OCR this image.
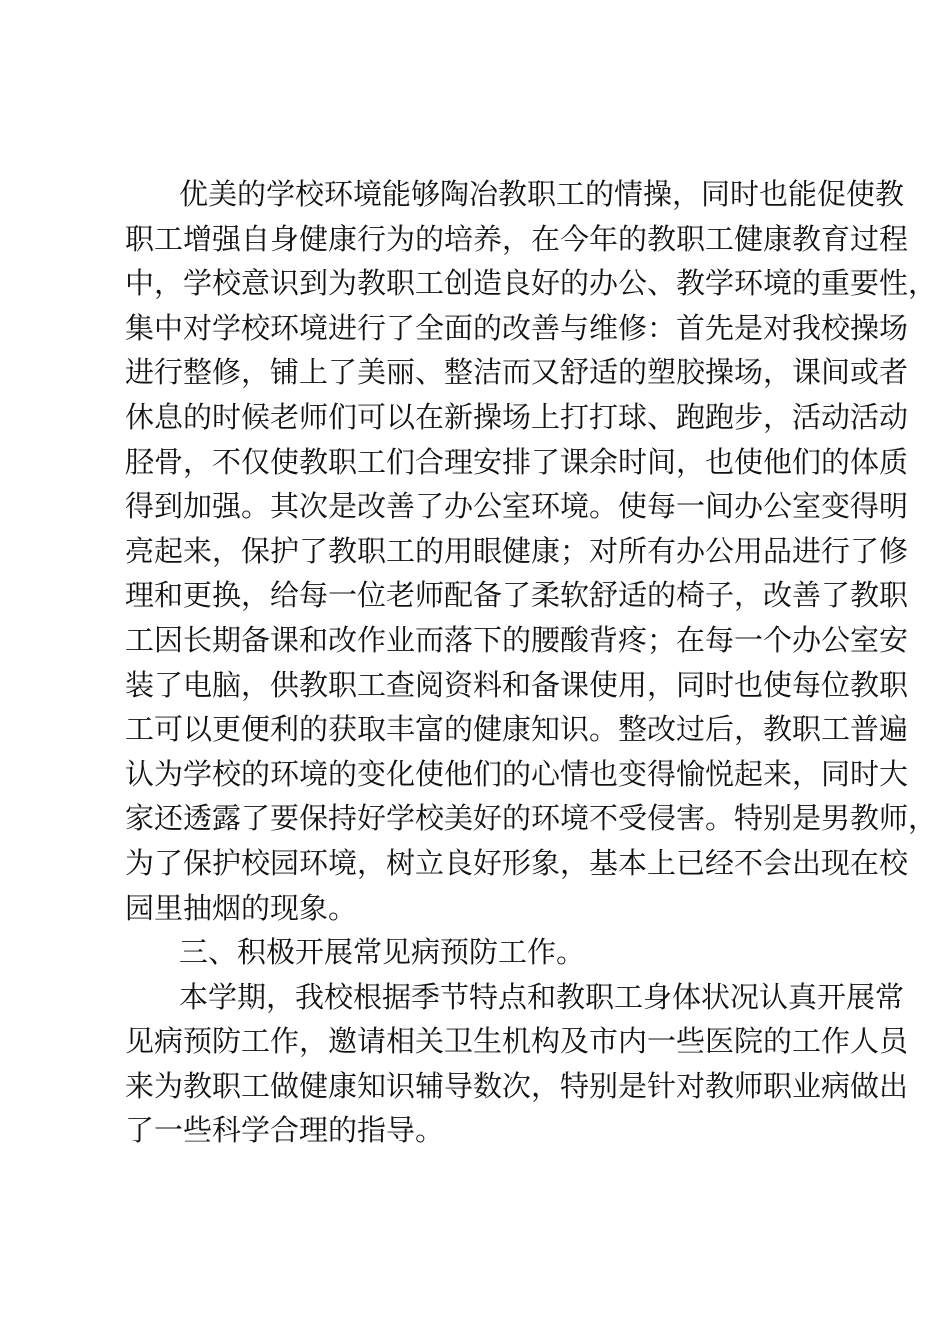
优美的学校环境能够陶冶教职工的情操，同时也能促使教
职工增强自身健康行为的培养，在今年的教职工健康教育过程
中，学校意识到为教职工创造良好的办公、教学环境的重要性，
集中对学校环境进行了全面的改善与维修：首先是对我校操场
进行整修，铺上了美丽、整洁而又舒适的塑胶操场，课间或者
休息的时候老师们可以在新操场上打打球、跑跑步，活动活动
胫骨，不仅使教职工们合理安排了课余时间，也使他们的体质
得到加强。其次是改善了办公室环境。使每一间办公室变得明
亮起来，保护了教职工的用眼健康；对所有办公用品进行了修
理和更换，给每一位老师配备了柔软舒适的椅子，改善了教职
工因长期备课和改作业而落下的腰酸背疼；在每一个办公室安
装了电脑，供教职工查阅资料和备课使用，同时也使每位教职
工可以更便利的获取丰富的健康知识。整改过后，教职工普遍
认为学校的环境的变化使他们的心情也变得愉悦起来，同时大
家还透露了要保持好学校美好的环境不受侵害。特别是男教师，
为了保护校园环境，树立良好形象，基本上已经不会出现在校
园里抽烟的现象。
三、积极开展常见病预防工作。
本学期，我校根据季节特点和教职工身体状况认真开展常
见病预防工作，邀请相关卫生机构及市内一些医院的工作人员
来为教职工做健康知识辅导数次，特别是针对教师职业病做出
了一些科学合理的指导。
